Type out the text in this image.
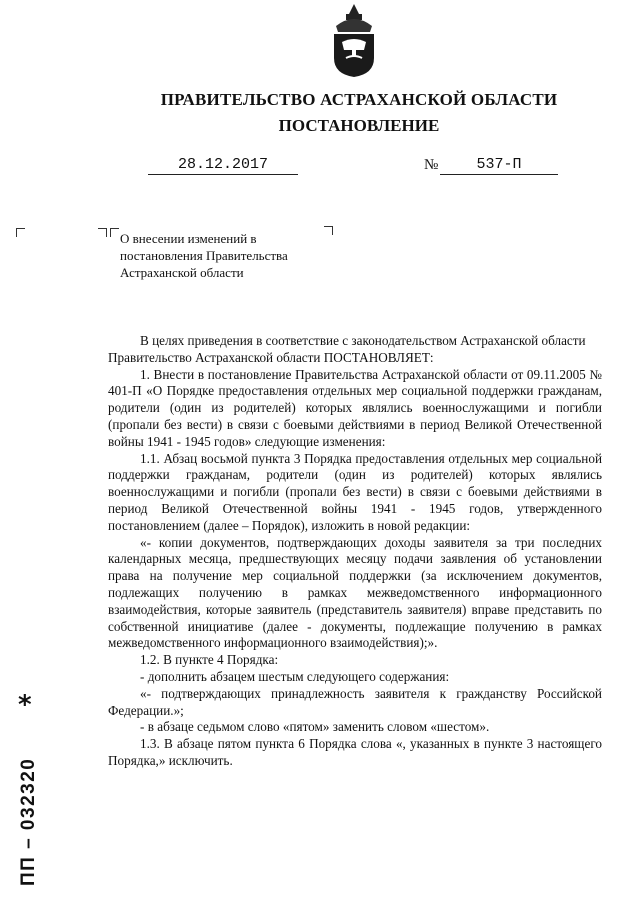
ПРАВИТЕЛЬСТВО АСТРАХАНСКОЙ ОБЛАСТИ
ПОСТАНОВЛЕНИЕ
28.12.2017	№	537-П
О внесении изменений в постановления Правительства Астраханской области

В целях приведения в соответствие с законодательством Астраханской области

Правительство Астраханской области ПОСТАНОВЛЯЕТ:

1. Внести в постановление Правительства Астраханской области от 09.11.2005 № 401-П «О Порядке предоставления отдельных мер социальной поддержки гражданам, родители (один из родителей) которых являлись военнослужащими и погибли (пропали без вести) в связи с боевыми действиями в период Великой Отечественной войны 1941 - 1945 годов» следующие изменения:

1.1. Абзац восьмой пункта 3 Порядка предоставления отдельных мер социальной поддержки гражданам, родители (один из родителей) которых являлись военнослужащими и погибли (пропали без вести) в связи с боевыми действиями в период Великой Отечественной войны 1941 - 1945 годов, утвержденного постановлением (далее – Порядок), изложить в новой редакции:

«- копии документов, подтверждающих доходы заявителя за три последних календарных месяца, предшествующих месяцу подачи заявления об установлении права на получение мер социальной поддержки (за исключением документов, подлежащих получению в рамках межведомственного информационного взаимодействия, которые заявитель (представитель заявителя) вправе представить по собственной инициативе (далее - документы, подлежащие получению в рамках межведомственного информационного взаимодействия);».

1.2. В пункте 4 Порядка:

- дополнить абзацем шестым следующего содержания:

«- подтверждающих принадлежность заявителя к гражданству Российской Федерации.»;

- в абзаце седьмом слово «пятом» заменить словом «шестом».

1.3. В абзаце пятом пункта 6 Порядка слова «, указанных в пункте 3 настоящего Порядка,» исключить.

*
ПП – 032320
